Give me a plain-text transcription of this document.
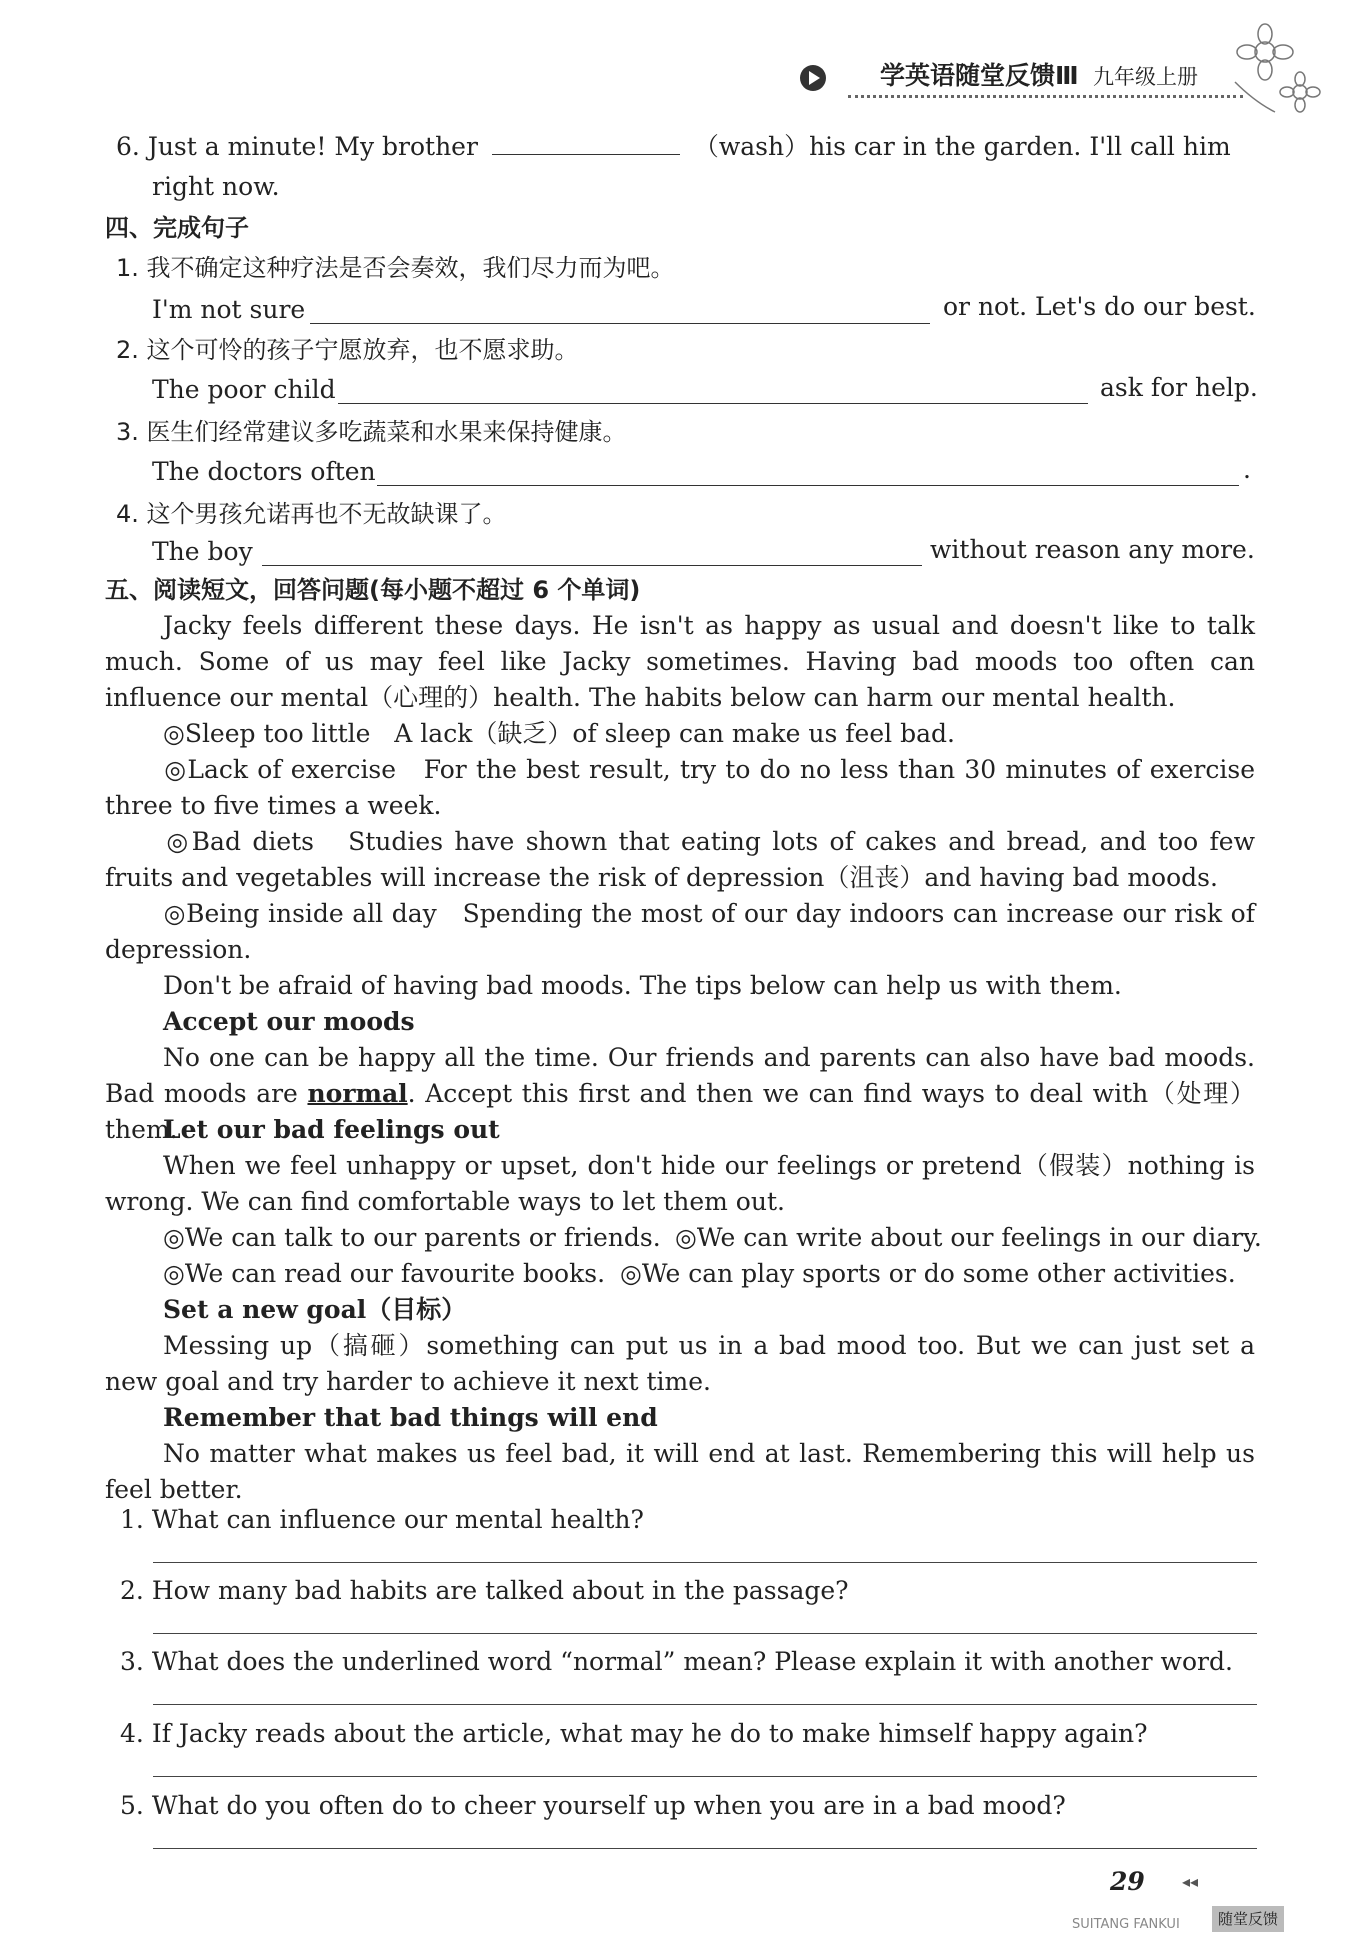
学英语随堂反馈Ⅲ 九年级上册
6. Just a minute! My brother	（wash）his car in the garden. I'll call him
right now.
四、完成句子
1. 我不确定这种疗法是否会奏效，我们尽力而为吧。
I'm not sure	or not. Let's do our best.
2. 这个可怜的孩子宁愿放弃，也不愿求助。
The poor child	ask for help.
3. 医生们经常建议多吃蔬菜和水果来保持健康。
The doctors often	.
4. 这个男孩允诺再也不无故缺课了。
The boy	without reason any more.
五、阅读短文，回答问题(每小题不超过 6 个单词)
Jacky feels different these days. He isn't as happy as usual and doesn't like to talk much. Some of us may feel like Jacky sometimes. Having bad moods too often can influence our mental（心理的）health. The habits below can harm our mental health.
◎Sleep too little A lack（缺乏）of sleep can make us feel bad.
◎Lack of exercise For the best result, try to do no less than 30 minutes of exercise three to five times a week.
◎Bad diets Studies have shown that eating lots of cakes and bread, and too few fruits and vegetables will increase the risk of depression（沮丧）and having bad moods.
◎Being inside all day Spending the most of our day indoors can increase our risk of depression.
Don't be afraid of having bad moods. The tips below can help us with them.
Accept our moods
No one can be happy all the time. Our friends and parents can also have bad moods. Bad moods are normal. Accept this first and then we can find ways to deal with（处理）them.
Let our bad feelings out
When we feel unhappy or upset, don't hide our feelings or pretend（假装）nothing is wrong. We can find comfortable ways to let them out.
◎We can talk to our parents or friends. ◎We can write about our feelings in our diary.
◎We can read our favourite books. ◎We can play sports or do some other activities.
Set a new goal（目标）
Messing up（搞砸）something can put us in a bad mood too. But we can just set a new goal and try harder to achieve it next time.
Remember that bad things will end
No matter what makes us feel bad, it will end at last. Remembering this will help us feel better.
1. What can influence our mental health?
2. How many bad habits are talked about in the passage?
3. What does the underlined word “normal” mean? Please explain it with another word.
4. If Jacky reads about the article, what may he do to make himself happy again?
5. What do you often do to cheer yourself up when you are in a bad mood?
29 ◂◂
SUITANG FANKUI	随堂反馈
